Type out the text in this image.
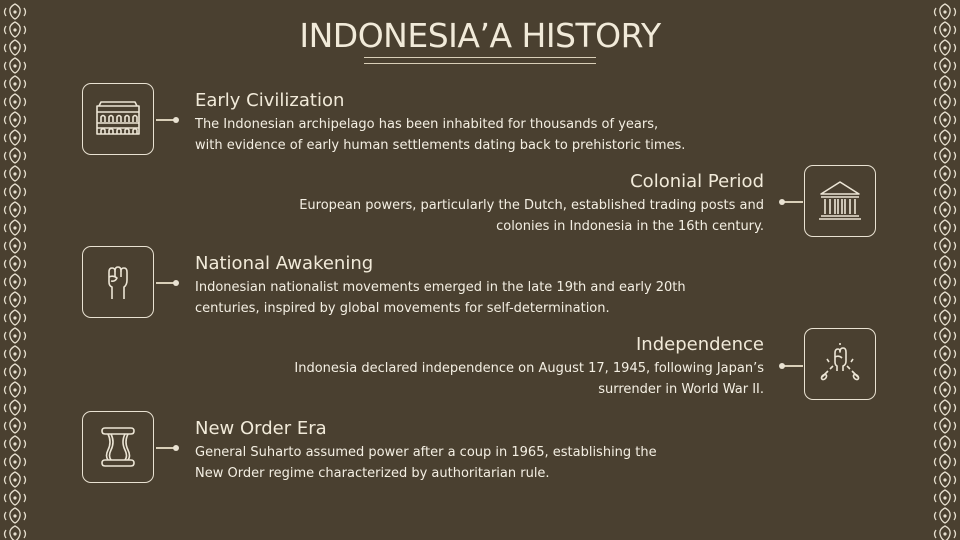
INDONESIA’A HISTORY
Early Civilization

The Indonesian archipelago has been inhabited for thousands of years,
with evidence of early human settlements dating back to prehistoric times.

Colonial Period

European powers, particularly the Dutch, established trading posts and
colonies in Indonesia in the 16th century.

National Awakening

Indonesian nationalist movements emerged in the late 19th and early 20th
centuries, inspired by global movements for self-determination.

Independence

Indonesia declared independence on August 17, 1945, following Japan’s
surrender in World War II.

New Order Era

General Suharto assumed power after a coup in 1965, establishing the
New Order regime characterized by authoritarian rule.
